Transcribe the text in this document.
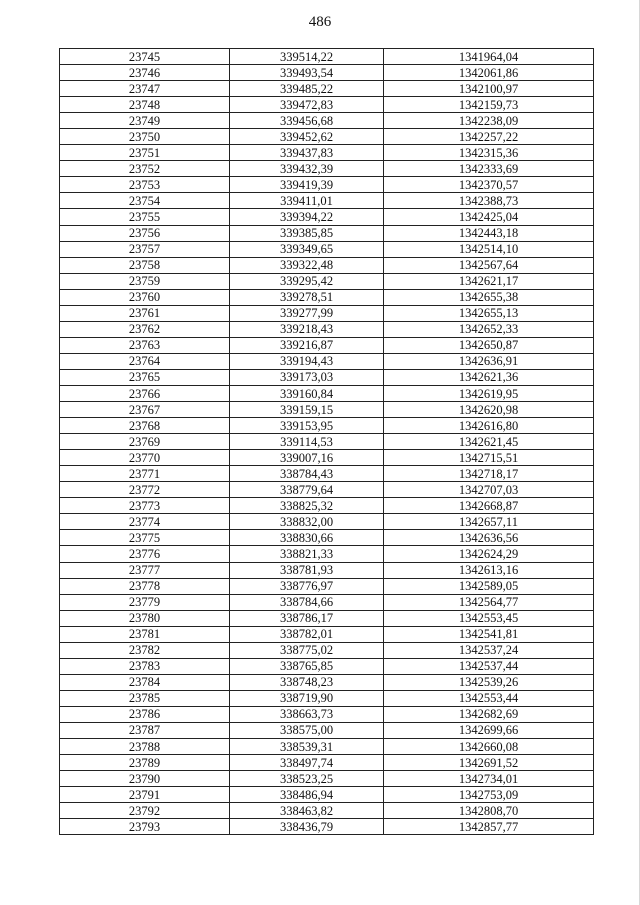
486
23745	339514,22	1341964,04
23746	339493,54	1342061,86
23747	339485,22	1342100,97
23748	339472,83	1342159,73
23749	339456,68	1342238,09
23750	339452,62	1342257,22
23751	339437,83	1342315,36
23752	339432,39	1342333,69
23753	339419,39	1342370,57
23754	339411,01	1342388,73
23755	339394,22	1342425,04
23756	339385,85	1342443,18
23757	339349,65	1342514,10
23758	339322,48	1342567,64
23759	339295,42	1342621,17
23760	339278,51	1342655,38
23761	339277,99	1342655,13
23762	339218,43	1342652,33
23763	339216,87	1342650,87
23764	339194,43	1342636,91
23765	339173,03	1342621,36
23766	339160,84	1342619,95
23767	339159,15	1342620,98
23768	339153,95	1342616,80
23769	339114,53	1342621,45
23770	339007,16	1342715,51
23771	338784,43	1342718,17
23772	338779,64	1342707,03
23773	338825,32	1342668,87
23774	338832,00	1342657,11
23775	338830,66	1342636,56
23776	338821,33	1342624,29
23777	338781,93	1342613,16
23778	338776,97	1342589,05
23779	338784,66	1342564,77
23780	338786,17	1342553,45
23781	338782,01	1342541,81
23782	338775,02	1342537,24
23783	338765,85	1342537,44
23784	338748,23	1342539,26
23785	338719,90	1342553,44
23786	338663,73	1342682,69
23787	338575,00	1342699,66
23788	338539,31	1342660,08
23789	338497,74	1342691,52
23790	338523,25	1342734,01
23791	338486,94	1342753,09
23792	338463,82	1342808,70
23793	338436,79	1342857,77
